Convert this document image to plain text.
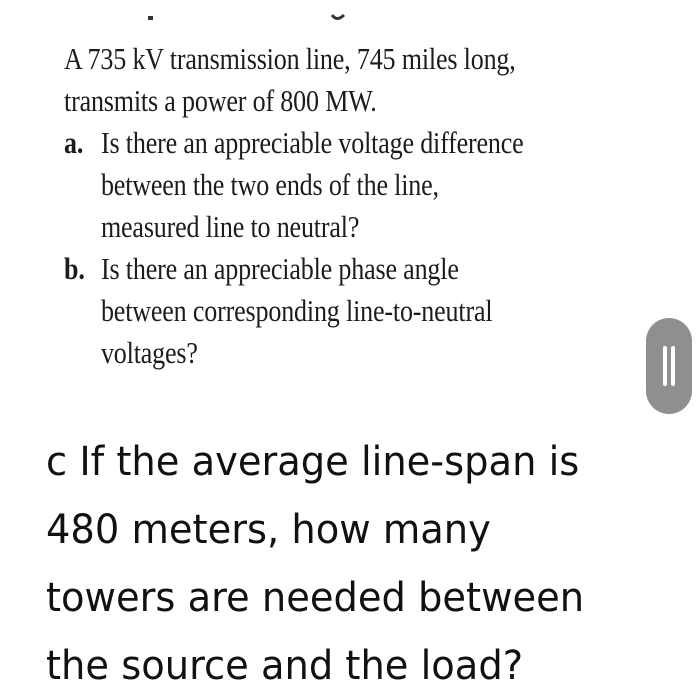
A 735 kV transmission line, 745 miles long, transmits a power of 800 MW.

a. Is there an appreciable voltage difference between the two ends of the line, measured line to neutral?
b. Is there an appreciable phase angle between corresponding line-to-neutral voltages?
c If the average line-span is 480 meters, how many towers are needed between the source and the load?
